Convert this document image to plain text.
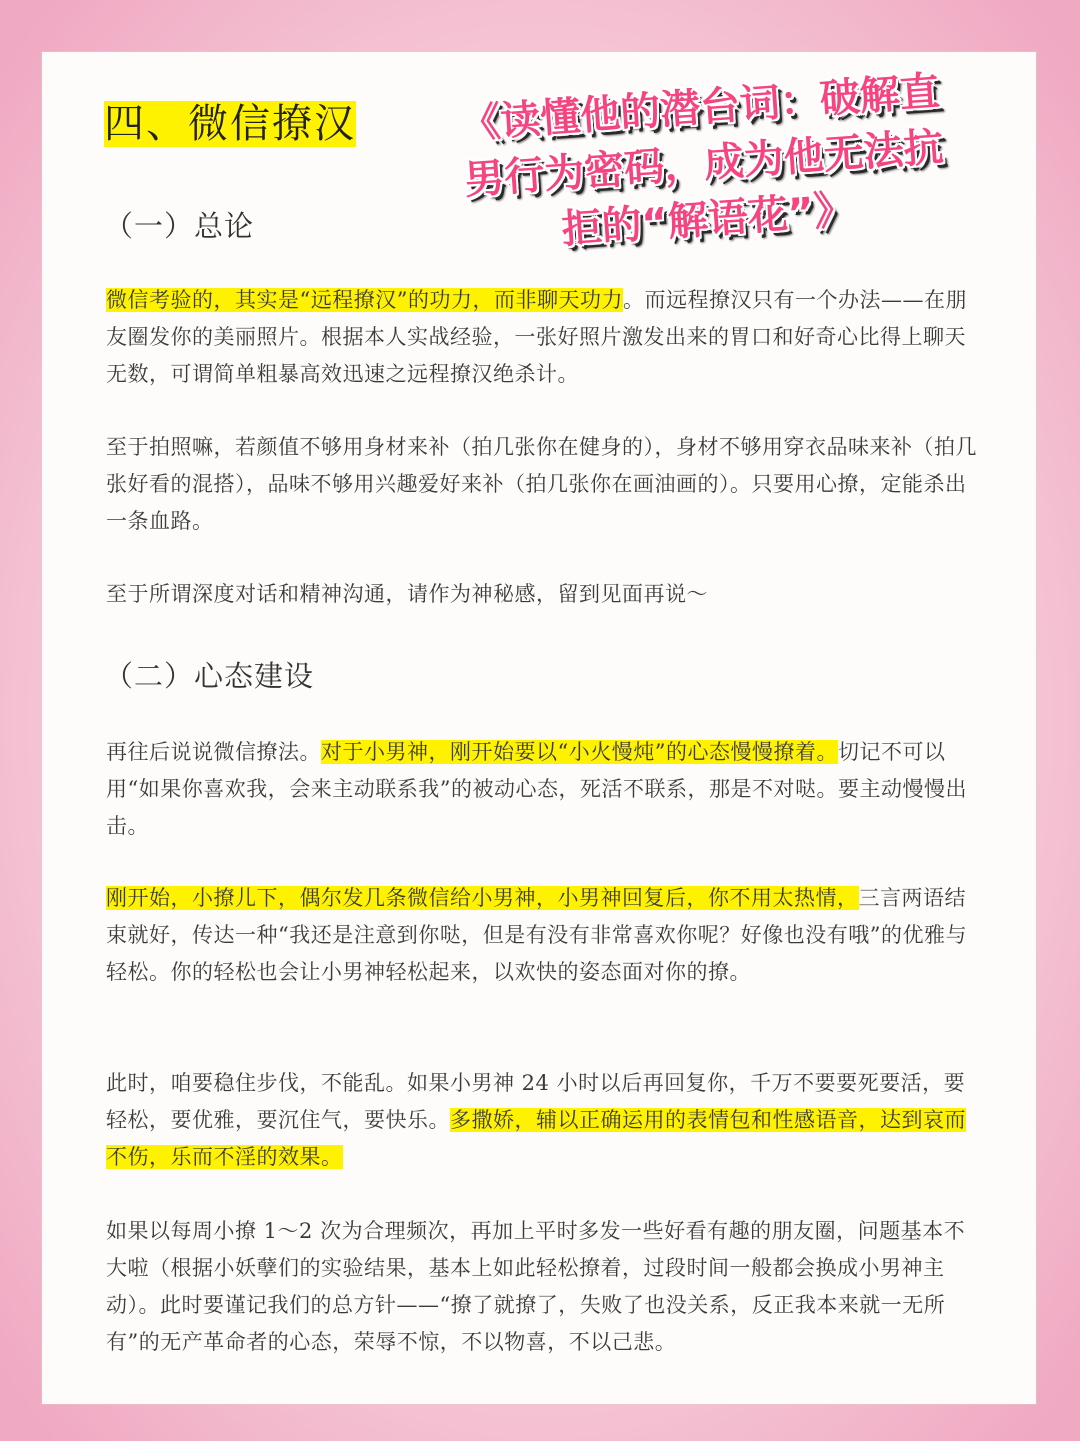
四、微信撩汉	《读懂他的潜台词：破解直
男行为密码，成为他无法抗
拒的“解语花”》
（一）总论

微信考验的，其实是“远程撩汉”的功力，而非聊天功力。而远程撩汉只有一个办法——在朋友圈发你的美丽照片。根据本人实战经验，一张好照片激发出来的胃口和好奇心比得上聊天无数，可谓简单粗暴高效迅速之远程撩汉绝杀计。

至于拍照嘛，若颜值不够用身材来补（拍几张你在健身的），身材不够用穿衣品味来补（拍几张好看的混搭），品味不够用兴趣爱好来补（拍几张你在画油画的）。只要用心撩，定能杀出一条血路。

至于所谓深度对话和精神沟通，请作为神秘感，留到见面再说～

（二）心态建设

再往后说说微信撩法。对于小男神，刚开始要以“小火慢炖”的心态慢慢撩着。切记不可以用“如果你喜欢我，会来主动联系我”的被动心态，死活不联系，那是不对哒。要主动慢慢出击。

刚开始，小撩儿下，偶尔发几条微信给小男神，小男神回复后，你不用太热情，三言两语结束就好，传达一种“我还是注意到你哒，但是有没有非常喜欢你呢？好像也没有哦”的优雅与轻松。你的轻松也会让小男神轻松起来，以欢快的姿态面对你的撩。

此时，咱要稳住步伐，不能乱。如果小男神 24 小时以后再回复你，千万不要要死要活，要轻松，要优雅，要沉住气，要快乐。多撒娇，辅以正确运用的表情包和性感语音，达到哀而不伤，乐而不淫的效果。

如果以每周小撩 1～2 次为合理频次，再加上平时多发一些好看有趣的朋友圈，问题基本不大啦（根据小妖孽们的实验结果，基本上如此轻松撩着，过段时间一般都会换成小男神主动）。此时要谨记我们的总方针——“撩了就撩了，失败了也没关系，反正我本来就一无所有”的无产革命者的心态，荣辱不惊，不以物喜，不以己悲。
